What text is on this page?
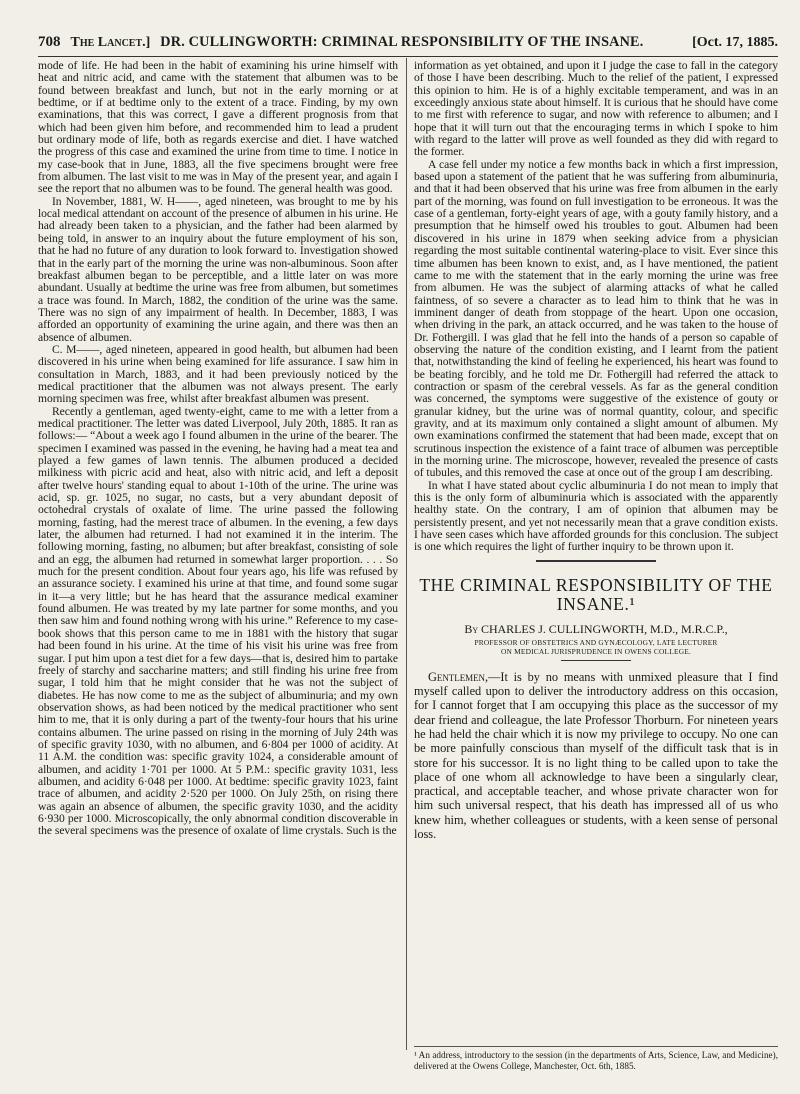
708 The Lancet.] DR. CULLINGWORTH: CRIMINAL RESPONSIBILITY OF THE INSANE.	[Oct. 17, 1885.

mode of life. He had been in the habit of examining his urine himself with heat and nitric acid, and came with the statement that albumen was to be found between breakfast and lunch, but not in the early morning or at bedtime, or if at bedtime only to the extent of a trace. Finding, by my own examinations, that this was correct, I gave a different prognosis from that which had been given him before, and recommended him to lead a prudent but ordinary mode of life, both as regards exercise and diet. I have watched the progress of this case and examined the urine from time to time. I notice in my case-book that in June, 1883, all the five specimens brought were free from albumen. The last visit to me was in May of the present year, and again I see the report that no albumen was to be found. The general health was good.

In November, 1881, W. H——, aged nineteen, was brought to me by his local medical attendant on account of the presence of albumen in his urine. He had already been taken to a physician, and the father had been alarmed by being told, in answer to an inquiry about the future employment of his son, that he had no future of any duration to look forward to. Investigation showed that in the early part of the morning the urine was non-albuminous. Soon after breakfast albumen began to be perceptible, and a little later on was more abundant. Usually at bedtime the urine was free from albumen, but sometimes a trace was found. In March, 1882, the condition of the urine was the same. There was no sign of any impairment of health. In December, 1883, I was afforded an opportunity of examining the urine again, and there was then an absence of albumen.

C. M——, aged nineteen, appeared in good health, but albumen had been discovered in his urine when being examined for life assurance. I saw him in consultation in March, 1883, and it had been previously noticed by the medical practitioner that the albumen was not always present. The early morning specimen was free, whilst after breakfast albumen was present.

Recently a gentleman, aged twenty-eight, came to me with a letter from a medical practitioner. The letter was dated Liverpool, July 20th, 1885. It ran as follows:— “About a week ago I found albumen in the urine of the bearer. The specimen I examined was passed in the evening, he having had a meat tea and played a few games of lawn tennis. The albumen produced a decided milkiness with picric acid and heat, also with nitric acid, and left a deposit after twelve hours' standing equal to about 1-10th of the urine. The urine was acid, sp. gr. 1025, no sugar, no casts, but a very abundant deposit of octohedral crystals of oxalate of lime. The urine passed the following morning, fasting, had the merest trace of albumen. In the evening, a few days later, the albumen had returned. I had not examined it in the interim. The following morning, fasting, no albumen; but after breakfast, consisting of sole and an egg, the albumen had returned in somewhat larger proportion. . . . So much for the present condition. About four years ago, his life was refused by an assurance society. I examined his urine at that time, and found some sugar in it—a very little; but he has heard that the assurance medical examiner found albumen. He was treated by my late partner for some months, and you then saw him and found nothing wrong with his urine.” Reference to my case-book shows that this person came to me in 1881 with the history that sugar had been found in his urine. At the time of his visit his urine was free from sugar. I put him upon a test diet for a few days—that is, desired him to partake freely of starchy and saccharine matters; and still finding his urine free from sugar, I told him that he might consider that he was not the subject of diabetes. He has now come to me as the subject of albuminuria; and my own observation shows, as had been noticed by the medical practitioner who sent him to me, that it is only during a part of the twenty-four hours that his urine contains albumen. The urine passed on rising in the morning of July 24th was of specific gravity 1030, with no albumen, and 6·804 per 1000 of acidity. At 11 A.M. the condition was: specific gravity 1024, a considerable amount of albumen, and acidity 1·701 per 1000. At 5 P.M.: specific gravity 1031, less albumen, and acidity 6·048 per 1000. At bedtime: specific gravity 1023, faint trace of albumen, and acidity 2·520 per 1000. On July 25th, on rising there was again an absence of albumen, the specific gravity 1030, and the acidity 6·930 per 1000. Microscopically, the only abnormal condition discoverable in the several specimens was the presence of oxalate of lime crystals. Such is the

information as yet obtained, and upon it I judge the case to fall in the category of those I have been describing. Much to the relief of the patient, I expressed this opinion to him. He is of a highly excitable temperament, and was in an exceedingly anxious state about himself. It is curious that he should have come to me first with reference to sugar, and now with reference to albumen; and I hope that it will turn out that the encouraging terms in which I spoke to him with regard to the latter will prove as well founded as they did with regard to the former.

A case fell under my notice a few months back in which a first impression, based upon a statement of the patient that he was suffering from albuminuria, and that it had been observed that his urine was free from albumen in the early part of the morning, was found on full investigation to be erroneous. It was the case of a gentleman, forty-eight years of age, with a gouty family history, and a presumption that he himself owed his troubles to gout. Albumen had been discovered in his urine in 1879 when seeking advice from a physician regarding the most suitable continental watering-place to visit. Ever since this time albumen has been known to exist, and, as I have mentioned, the patient came to me with the statement that in the early morning the urine was free from albumen. He was the subject of alarming attacks of what he called faintness, of so severe a character as to lead him to think that he was in imminent danger of death from stoppage of the heart. Upon one occasion, when driving in the park, an attack occurred, and he was taken to the house of Dr. Fothergill. I was glad that he fell into the hands of a person so capable of observing the nature of the condition existing, and I learnt from the patient that, notwithstanding the kind of feeling he experienced, his heart was found to be beating forcibly, and he told me Dr. Fothergill had referred the attack to contraction or spasm of the cerebral vessels. As far as the general condition was concerned, the symptoms were suggestive of the existence of gouty or granular kidney, but the urine was of normal quantity, colour, and specific gravity, and at its maximum only contained a slight amount of albumen. My own examinations confirmed the statement that had been made, except that on scrutinous inspection the existence of a faint trace of albumen was perceptible in the morning urine. The microscope, however, revealed the presence of casts of tubules, and this removed the case at once out of the group I am describing.

In what I have stated about cyclic albuminuria I do not mean to imply that this is the only form of albuminuria which is associated with the apparently healthy state. On the contrary, I am of opinion that albumen may be persistently present, and yet not necessarily mean that a grave condition exists. I have seen cases which have afforded grounds for this conclusion. The subject is one which requires the light of further inquiry to be thrown upon it.

THE CRIMINAL RESPONSIBILITY OF THE INSANE.¹
By CHARLES J. CULLINGWORTH, M.D., M.R.C.P.,
PROFESSOR OF OBSTETRICS AND GYNÆCOLOGY, LATE LECTURER
ON MEDICAL JURISPRUDENCE IN OWENS COLLEGE.

Gentlemen,—It is by no means with unmixed pleasure that I find myself called upon to deliver the introductory address on this occasion, for I cannot forget that I am occupying this place as the successor of my dear friend and colleague, the late Professor Thorburn. For nineteen years he had held the chair which it is now my privilege to occupy. No one can be more painfully conscious than myself of the difficult task that is in store for his successor. It is no light thing to be called upon to take the place of one whom all acknowledge to have been a singularly clear, practical, and acceptable teacher, and whose private character won for him such universal respect, that his death has impressed all of us who knew him, whether colleagues or students, with a keen sense of personal loss.

¹ An address, introductory to the session (in the departments of Arts, Science, Law, and Medicine), delivered at the Owens College, Manchester, Oct. 6th, 1885.
